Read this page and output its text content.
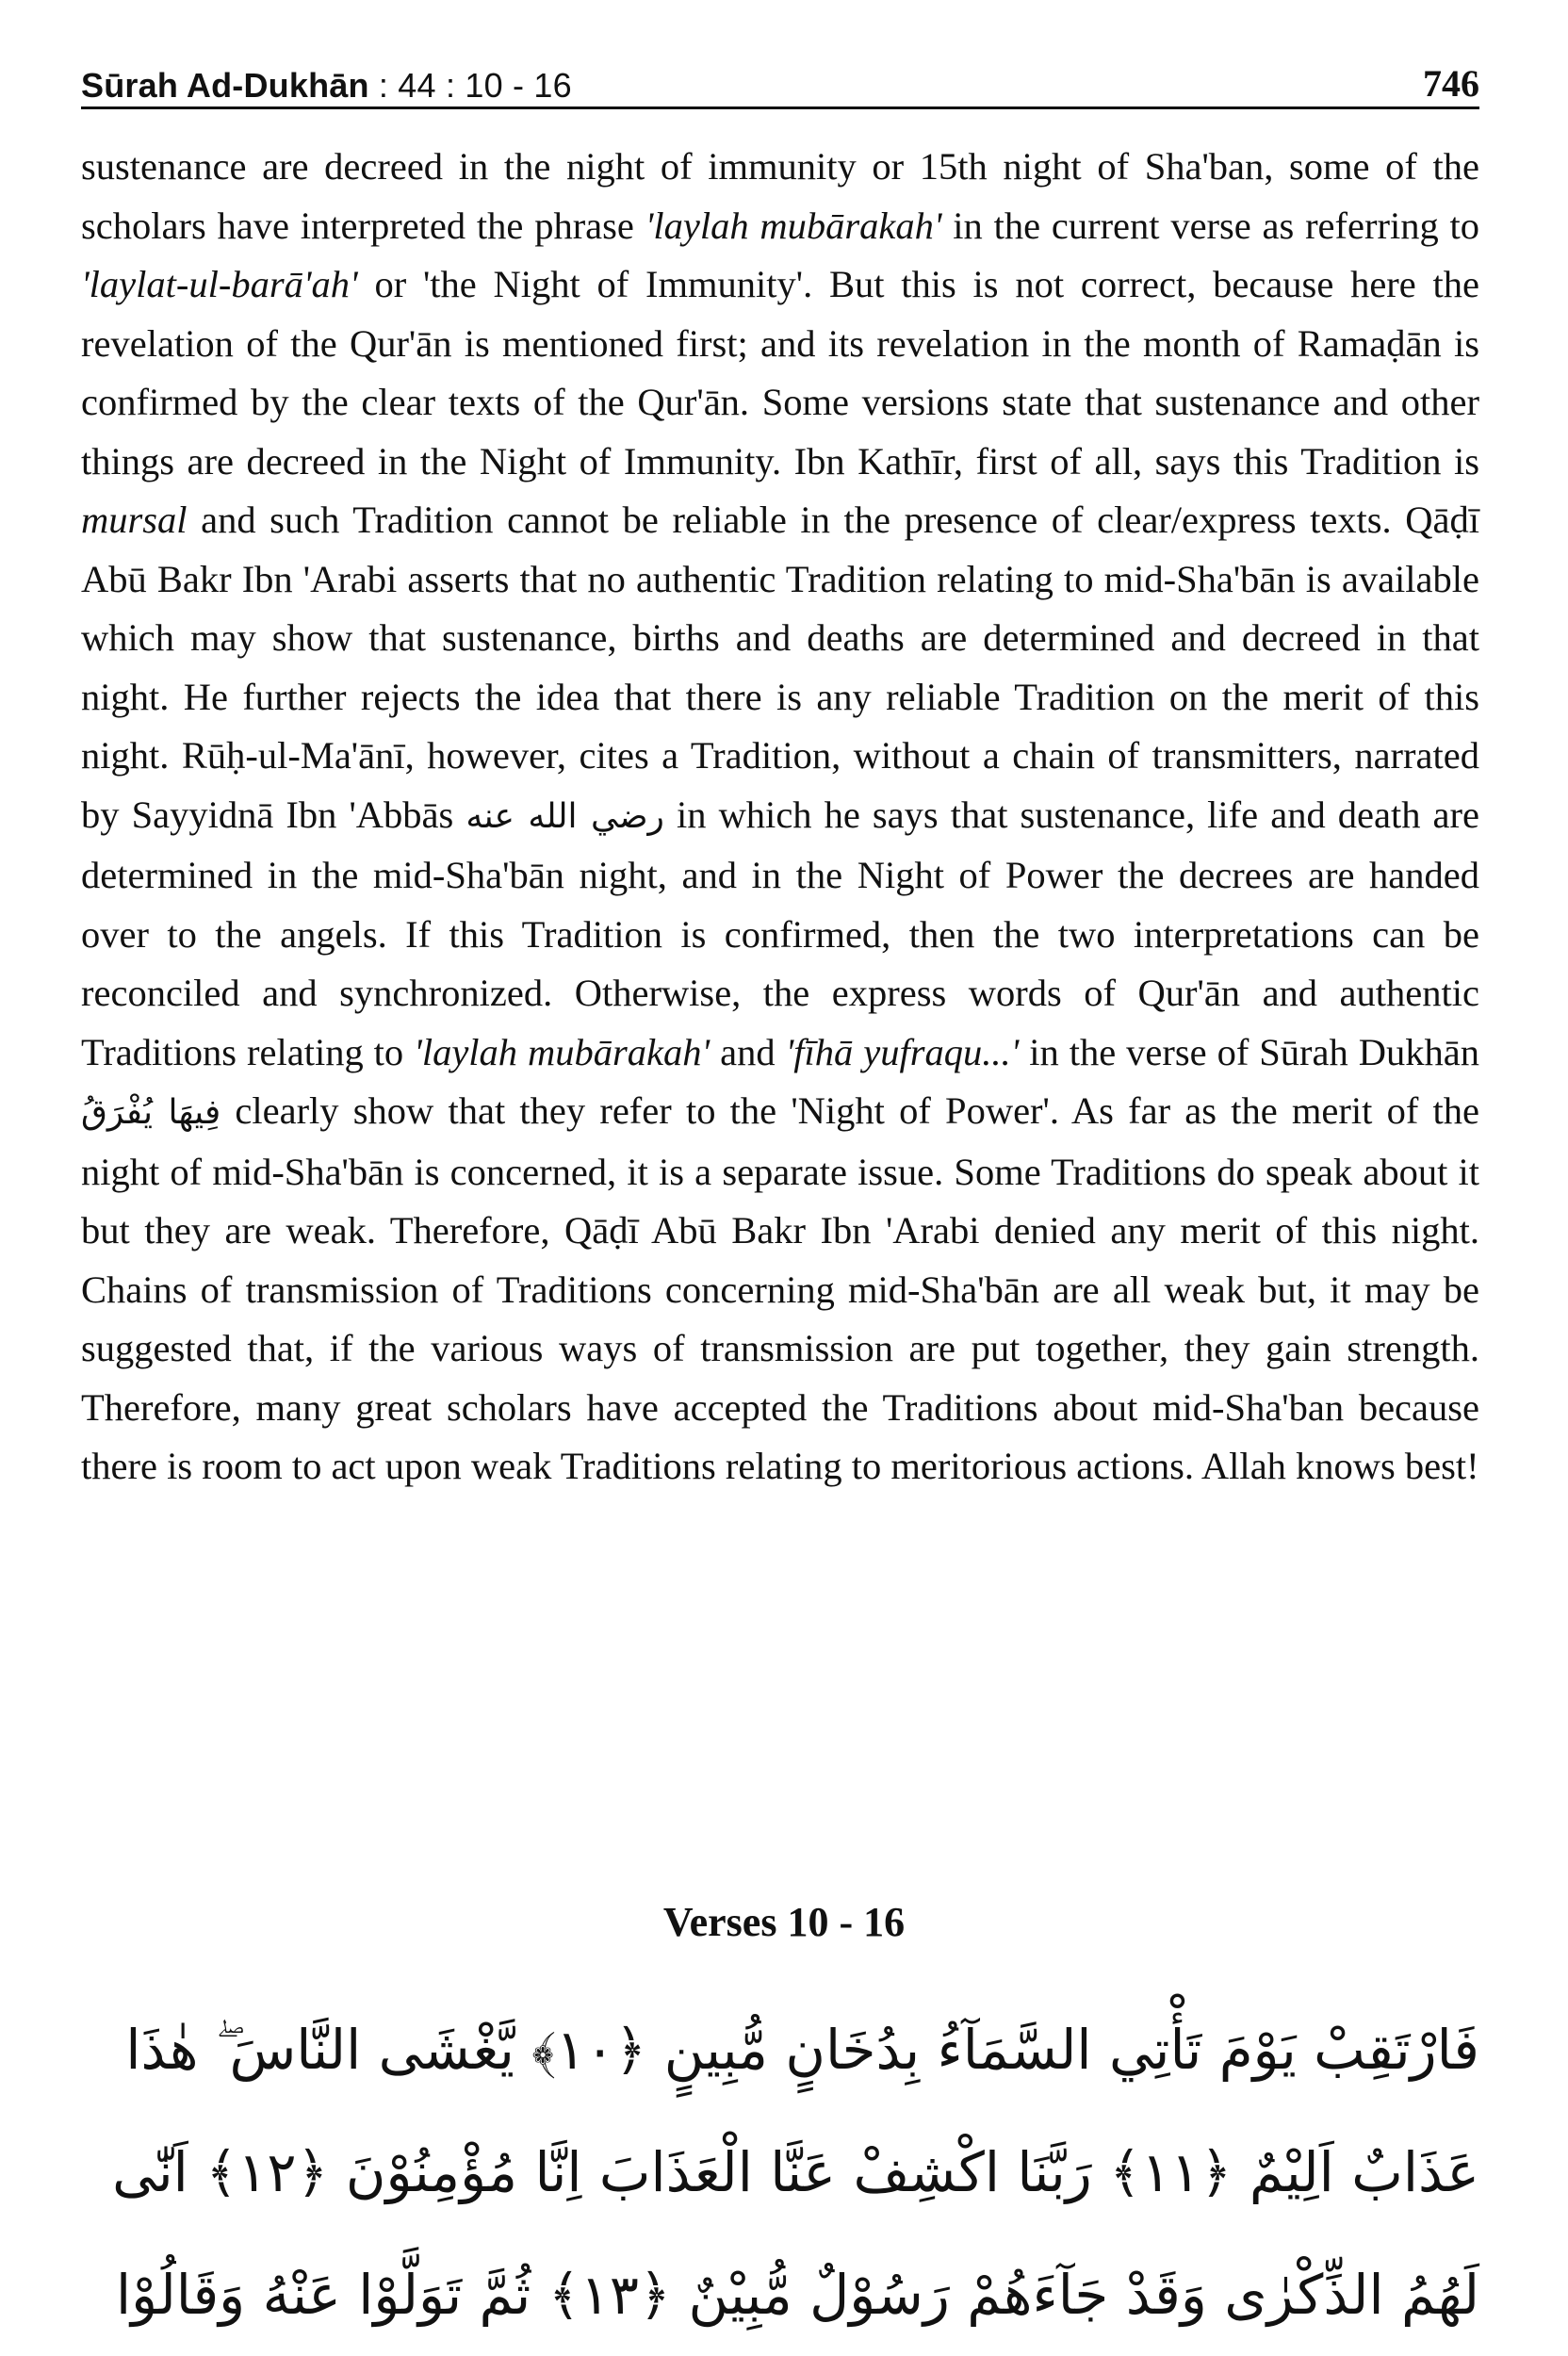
Sūrah Ad-Dukhān : 44 : 10 - 16	746

sustenance are decreed in the night of immunity or 15th night of Sha'ban, some of the scholars have interpreted the phrase 'laylah mubārakah' in the current verse as referring to 'laylat-ul-barā'ah' or 'the Night of Immunity'. But this is not correct, because here the revelation of the Qur'ān is mentioned first; and its revelation in the month of Ramaḍān is confirmed by the clear texts of the Qur'ān. Some versions state that sustenance and other things are decreed in the Night of Immunity. Ibn Kathīr, first of all, says this Tradition is mursal and such Tradition cannot be reliable in the presence of clear/express texts. Qāḍī Abū Bakr Ibn 'Arabi asserts that no authentic Tradition relating to mid-Sha'bān is available which may show that sustenance, births and deaths are determined and decreed in that night. He further rejects the idea that there is any reliable Tradition on the merit of this night. Rūḥ-ul-Ma'ānī, however, cites a Tradition, without a chain of transmitters, narrated by Sayyidnā Ibn 'Abbās رضي الله عنه in which he says that sustenance, life and death are determined in the mid-Sha'bān night, and in the Night of Power the decrees are handed over to the angels. If this Tradition is confirmed, then the two interpretations can be reconciled and synchronized. Otherwise, the express words of Qur'ān and authentic Traditions relating to 'laylah mubārakah' and 'fīhā yufraqu...' in the verse of Sūrah Dukhān فِيهَا يُفْرَقُ clearly show that they refer to the 'Night of Power'. As far as the merit of the night of mid-Sha'bān is concerned, it is a separate issue. Some Traditions do speak about it but they are weak. Therefore, Qāḍī Abū Bakr Ibn 'Arabi denied any merit of this night. Chains of transmission of Traditions concerning mid-Sha'bān are all weak but, it may be suggested that, if the various ways of transmission are put together, they gain strength. Therefore, many great scholars have accepted the Traditions about mid-Sha'ban because there is room to act upon weak Traditions relating to meritorious actions. Allah knows best!

Verses 10 - 16
فَارْتَقِبْ يَوْمَ تَأْتِي السَّمَآءُ بِدُخَانٍ مُّبِينٍ ﴿١٠﴾ يَّغْشَى النَّاسَ ۖ هٰذَا
عَذَابٌ اَلِيْمٌ ﴿١١﴾ رَبَّنَا اكْشِفْ عَنَّا الْعَذَابَ اِنَّا مُؤْمِنُوْنَ ﴿١٢﴾ اَنّٰى
لَهُمُ الذِّكْرٰى وَقَدْ جَآءَهُمْ رَسُوْلٌ مُّبِيْنٌ ﴿١٣﴾ ثُمَّ تَوَلَّوْا عَنْهُ وَقَالُوْا
